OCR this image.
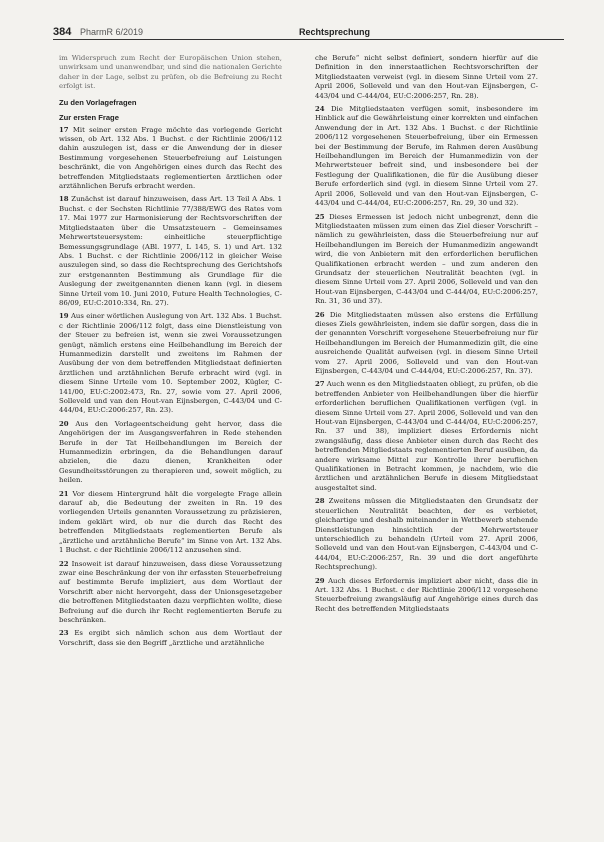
384 PharmR 6/2019	Rechtsprechung

im Widerspruch zum Recht der Europäischen Union stehen, unwirksam und unanwendbar, und sind die nationalen Gerichte daher in der Lage, selbst zu prüfen, ob die Befreiung zu Recht erfolgt ist.

Zu den Vorlagefragen
Zur ersten Frage

17 Mit seiner ersten Frage möchte das vorlegende Gericht wissen, ob Art. 132 Abs. 1 Buchst. c der Richtlinie 2006/112 dahin auszulegen ist, dass er die Anwendung der in dieser Bestimmung vorgesehenen Steuerbefreiung auf Leistungen beschränkt, die von Angehörigen eines durch das Recht des betreffenden Mitgliedstaats reglementierten ärztlichen oder arztähnlichen Berufs erbracht werden.

18 Zunächst ist darauf hinzuweisen, dass Art. 13 Teil A Abs. 1 Buchst. c der Sechsten Richtlinie 77/388/EWG des Rates vom 17. Mai 1977 zur Harmonisierung der Rechtsvorschriften der Mitgliedstaaten über die Umsatzsteuern – Gemeinsames Mehrwertsteuersystem: einheitliche steuerpflichtige Bemessungsgrundlage (ABl. 1977, L 145, S. 1) und Art. 132 Abs. 1 Buchst. c der Richtlinie 2006/112 in gleicher Weise auszulegen sind, so dass die Rechtsprechung des Gerichtshofs zur erstgenannten Bestimmung als Grundlage für die Auslegung der zweitgenannten dienen kann (vgl. in diesem Sinne Urteil vom 10. Juni 2010, Future Health Technologies, C-86/09, EU:C:2010:334, Rn. 27).

19 Aus einer wörtlichen Auslegung von Art. 132 Abs. 1 Buchst. c der Richtlinie 2006/112 folgt, dass eine Dienstleistung von der Steuer zu befreien ist, wenn sie zwei Voraussetzungen genügt, nämlich erstens eine Heilbehandlung im Bereich der Humanmedizin darstellt und zweitens im Rahmen der Ausübung der von dem betreffenden Mitgliedstaat definierten ärztlichen und arztähnlichen Berufe erbracht wird (vgl. in diesem Sinne Urteile vom 10. September 2002, Kügler, C-141/00, EU:C:2002:473, Rn. 27, sowie vom 27. April 2006, Solleveld und van den Hout-van Eijnsbergen, C-443/04 und C-444/04, EU:C:2006:257, Rn. 23).

20 Aus den Vorlageentscheidung geht hervor, dass die Angehörigen der im Ausgangsverfahren in Rede stehenden Berufe in der Tat Heilbehandlungen im Bereich der Humanmedizin erbringen, da die Behandlungen darauf abzielen, die dazu dienen, Krankheiten oder Gesundheitsstörungen zu therapieren und, soweit möglich, zu heilen.

21 Vor diesem Hintergrund hält die vorgelegte Frage allein darauf ab, die Bedeutung der zweiten in Rn. 19 des vorliegenden Urteils genannten Voraussetzung zu präzisieren, indem geklärt wird, ob nur die durch das Recht des betreffenden Mitgliedstaats reglementierten Berufe als „ärztliche und arztähnliche Berufe“ im Sinne von Art. 132 Abs. 1 Buchst. c der Richtlinie 2006/112 anzusehen sind.

22 Insoweit ist darauf hinzuweisen, dass diese Voraussetzung zwar eine Beschränkung der von ihr erfassten Steuerbefreiung auf bestimmte Berufe impliziert, aus dem Wortlaut der Vorschrift aber nicht hervorgeht, dass der Unionsgesetzgeber die betroffenen Mitgliedstaaten dazu verpflichten wollte, diese Befreiung auf die durch ihr Recht reglementierten Berufe zu beschränken.

23 Es ergibt sich nämlich schon aus dem Wortlaut der Vorschrift, dass sie den Begriff „ärztliche und arztähnliche

che Berufe“ nicht selbst definiert, sondern hierfür auf die Definition in den innerstaatlichen Rechtsvorschriften der Mitgliedstaaten verweist (vgl. in diesem Sinne Urteil vom 27. April 2006, Solleveld und van den Hout-van Eijnsbergen, C-443/04 und C-444/04, EU:C:2006:257, Rn. 28).

24 Die Mitgliedstaaten verfügen somit, insbesondere im Hinblick auf die Gewährleistung einer korrekten und einfachen Anwendung der in Art. 132 Abs. 1 Buchst. c der Richtlinie 2006/112 vorgesehenen Steuerbefreiung, über ein Ermessen bei der Bestimmung der Berufe, im Rahmen deren Ausübung Heilbehandlungen im Bereich der Humanmedizin von der Mehrwertsteuer befreit sind, und insbesondere bei der Festlegung der Qualifikationen, die für die Ausübung dieser Berufe erforderlich sind (vgl. in diesem Sinne Urteil vom 27. April 2006, Solleveld und van den Hout-van Eijnsbergen, C-443/04 und C-444/04, EU:C:2006:257, Rn. 29, 30 und 32).

25 Dieses Ermessen ist jedoch nicht unbegrenzt, denn die Mitgliedstaaten müssen zum einen das Ziel dieser Vorschrift – nämlich zu gewährleisten, dass die Steuerbefreiung nur auf Heilbehandlungen im Bereich der Humanmedizin angewandt wird, die von Anbietern mit den erforderlichen beruflichen Qualifikationen erbracht werden – und zum anderen den Grundsatz der steuerlichen Neutralität beachten (vgl. in diesem Sinne Urteil vom 27. April 2006, Solleveld und van den Hout-van Eijnsbergen, C-443/04 und C-444/04, EU:C:2006:257, Rn. 31, 36 und 37).

26 Die Mitgliedstaaten müssen also erstens die Erfüllung dieses Ziels gewährleisten, indem sie dafür sorgen, dass die in der genannten Vorschrift vorgesehene Steuerbefreiung nur für Heilbehandlungen im Bereich der Humanmedizin gilt, die eine ausreichende Qualität aufweisen (vgl. in diesem Sinne Urteil vom 27. April 2006, Solleveld und van den Hout-van Eijnsbergen, C-443/04 und C-444/04, EU:C:2006:257, Rn. 37).

27 Auch wenn es den Mitgliedstaaten obliegt, zu prüfen, ob die betreffenden Anbieter von Heilbehandlungen über die hierfür erforderlichen beruflichen Qualifikationen verfügen (vgl. in diesem Sinne Urteil vom 27. April 2006, Solleveld und van den Hout-van Eijnsbergen, C-443/04 und C-444/04, EU:C:2006:257, Rn. 37 und 38), impliziert dieses Erfordernis nicht zwangsläufig, dass diese Anbieter einen durch das Recht des betreffenden Mitgliedstaats reglementierten Beruf ausüben, da andere wirksame Mittel zur Kontrolle ihrer beruflichen Qualifikationen in Betracht kommen, je nachdem, wie die ärztlichen und arztähnlichen Berufe in diesem Mitgliedstaat ausgestaltet sind.

28 Zweitens müssen die Mitgliedstaaten den Grundsatz der steuerlichen Neutralität beachten, der es verbietet, gleichartige und deshalb miteinander in Wettbewerb stehende Dienstleistungen hinsichtlich der Mehrwertsteuer unterschiedlich zu behandeln (Urteil vom 27. April 2006, Solleveld und van den Hout-van Eijnsbergen, C-443/04 und C-444/04, EU:C:2006:257, Rn. 39 und die dort angeführte Rechtsprechung).

29 Auch dieses Erfordernis impliziert aber nicht, dass die in Art. 132 Abs. 1 Buchst. c der Richtlinie 2006/112 vorgesehene Steuerbefreiung zwangsläufig auf Angehörige eines durch das Recht des betreffenden Mitgliedstaats
